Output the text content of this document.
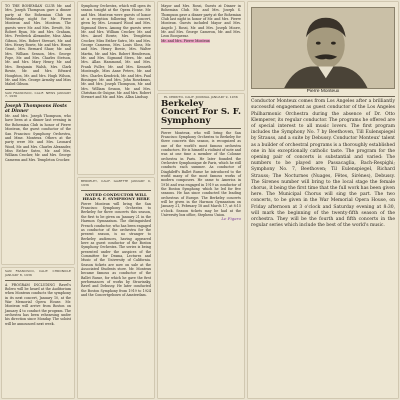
TO THE BOHEMIAN CLUB Mr. and Mrs. Joseph Thompson gave a dinner party at the Bohemian Club on Wednesday night for Mr. Pierre Monteux and Mrs. Monteux. The guests were Mr. and Mrs. Dewitt, Mr. Robert Ryan, Mr. and Mrs. Graham, Mrs. Frederick Alexander, Miss Alma Gibson, Mrs. Robert Stewart, Mr. and Mrs. Henry Bowie, Mr. and Mrs. Henry Grant, Mrs. Bernard Shaw, Mr. and Mrs. William Sesnon, Mrs. George Pope, Mr. and Mrs. Charles Stetson, Mr. and Mrs. Mary Henry, Mr. and Mrs. Benjamin Walsh, Mrs. Clark Bowie, Mr. and Mrs. Edward Houghton, Mr. and Mrs. Hugh Wilson, Mr. and Mrs. George Armsby and Miss Mabel Gibson.

SAN FRANCISCO, CALIF. NEWS JANUARY 7, 1936

Joseph Thompsons Hosts at Dinner

Mr. and Mrs. Joseph Thompson, who have been at a dinner last evening in the Bohemian Club in honor of Pierre Monteux, the guest conductor of the San Francisco Symphony Orchestra, and Mme. Monteux. Others at the party were Mr. and Mrs. Leonard Wood, Mr. and Mrs. Charles Alexander, Miss Esther Sutro, Mr. and Mrs. William Crocker, Mr. and Mrs. George Cameron and Mrs. Templeton Crocker.

SAN FRANCISCO, CALIF. CHRONICLE JANUARY 8, 1936

A PROGRAM INCLUDING Ravel's Bolero will be heard at the Auditorium when Monteux conducts the symphony in its next concert, January 10, at the War Memorial Opera House. Mr. Monteux will arrive from Boston on January 4 to conduct the program. The orchestra has been rehearsing under his direction since Monday. The soloist will be announced next week.

Symphony Orchestra, which will open its season tonight at the Opera House. Mr. and Mrs. Monteux were guests of honor at a reception following the concert, given by Mrs. Leonard Wood and Mrs. Sigmund Stern. Among the guests were Mr. and Mrs. William Crocker, Mr. and Mrs. Ansel Bowie, Mrs. Templeton Crocker, Miss Esther Sutro, Mr. and Mrs. George Cameron, Mrs. Louis Sloss, Mr. and Mrs. Henry Bowie, Mrs. Walter Martin, Mr. and Mrs. Robert Henderson, Mr. and Mrs. Sigmund Stern, Mr. and Mrs. Allan Hammond, Mr. and Mrs. Frank Fuller, Mr. and Mrs. Kenneth Monteagle, Miss Anne Peters, Mr. and Mrs. Charles Kendrick, Mr. and Mrs. Paul Bissinger, Mr. and Mrs. John Rosekrans, Mr. and Mrs. Joseph Thompson, Mr. and Mrs. William Sesnon, Mr. and Mrs. Christian de Guigne, Mr. and Mrs. Robert Stewart and Mr. and Mrs. Allan Lindsay.

BERKELEY, CALIF. GAZETTE JANUARY 9, 1936

NOTED CONDUCTOR WILL HEAD S. F. SYMPHONY HERE

Pierre Monteux will bring the San Francisco Symphony Orchestra to Berkeley for three concerts this season, the first to be given on January 21 in the Harmon Gymnasium. The distinguished French conductor, who has been engaged as conductor of the orchestra for the present season, is no stranger to Berkeley audiences, having appeared here as guest conductor of the Boston Symphony Orchestra. The series is being presented under the auspices of the Committee for Drama, Lectures and Music of the University of California. Season tickets are now on sale at the Associated Students store. Mr. Monteux became famous as conductor of the Ballet Russe, for which he gave the first performances of works by Stravinsky, Ravel and Debussy. He later conducted the Boston Symphony from 1919 to 1924 and the Concertgebouw of Amsterdam.

Mayor and Mrs. Rossi, Guests at Dinner in Bohemian Club. Mr. and Mrs. Joseph S. Thompson gave a dinner party at the Bohemian Club last night in honor of Mr. and Mrs. Pierre Monteux. Guests included Mayor and Mrs. Angelo J. Rossi, Mr. and Mrs. Joseph Moore, Mr. and Mrs. George Cameron, Mr. and Mrs. Leon Bocqueraz.

Mr. and Mrs. Pierre Monteux

EL CERRITO, CALIF. JOURNAL JANUARY 9, 1936

Berkeley Concert For S. F. Symphony

Pierre Monteux, who will bring the San Francisco Symphony Orchestra to Berkeley for three concerts this season, is recognized as one of the world's most famous orchestra conductors. He is himself a violinist of note and was at one time a member of the Colonne orchestra in Paris. He later founded the Orchestre Symphonique de Paris, which he still conducts each summer. As conductor of Diaghileff's Ballet Russe he introduced to the world many of the most famous works of modern composers. He came to America in 1916 and was engaged in 1919 as conductor of the Boston Symphony, which he led for five seasons. He has since conducted the leading orchestras of Europe. The Berkeley concerts will be given in the Harmon Gymnasium on January 21, February 18 and March 17, at 8:15 o'clock. Season tickets may be had at the University box office, Stephens Union.

Le Figaro

Pierre Monteux

Conductor Monteux comes from Los Angeles after a brilliantly successful engagement as guest conductor of the Los Angeles Philharmonic Orchestra during the absence of Dr. Otto Klemperer, its regular conductor. The programs he offered are of special interest to all music lovers. The first program includes the Symphony No. 7 by Beethoven, Till Eulenspiegel by Strauss, and a suite by Debussy. Conductor Monteux' talent as a builder of orchestral programs is a thoroughly established one in his exceptionally catholic taste. The program for the opening pair of concerts is substantial and varied: The numbers to be played are Passacaglia, Bach-Respighi; Symphony No. 7, Beethoven; Til Eulenspiegel, Richard Strauss; The Nocturnes (Nuages, Fêtes, Sirènes), Debussy. The Sirenes number will bring to the local stage the female chorus, it being the first time that the full work has been given here. The Municipal Chorus will sing the part. The two concerts, to be given in the War Memorial Opera House, on Friday afternoon at 3 o'clock and Saturday evening at 8:30, will mark the beginning of the twenty-fifth season of the orchestra. They will be the fourth and fifth concerts in the regular series which include the best of the world's music.
